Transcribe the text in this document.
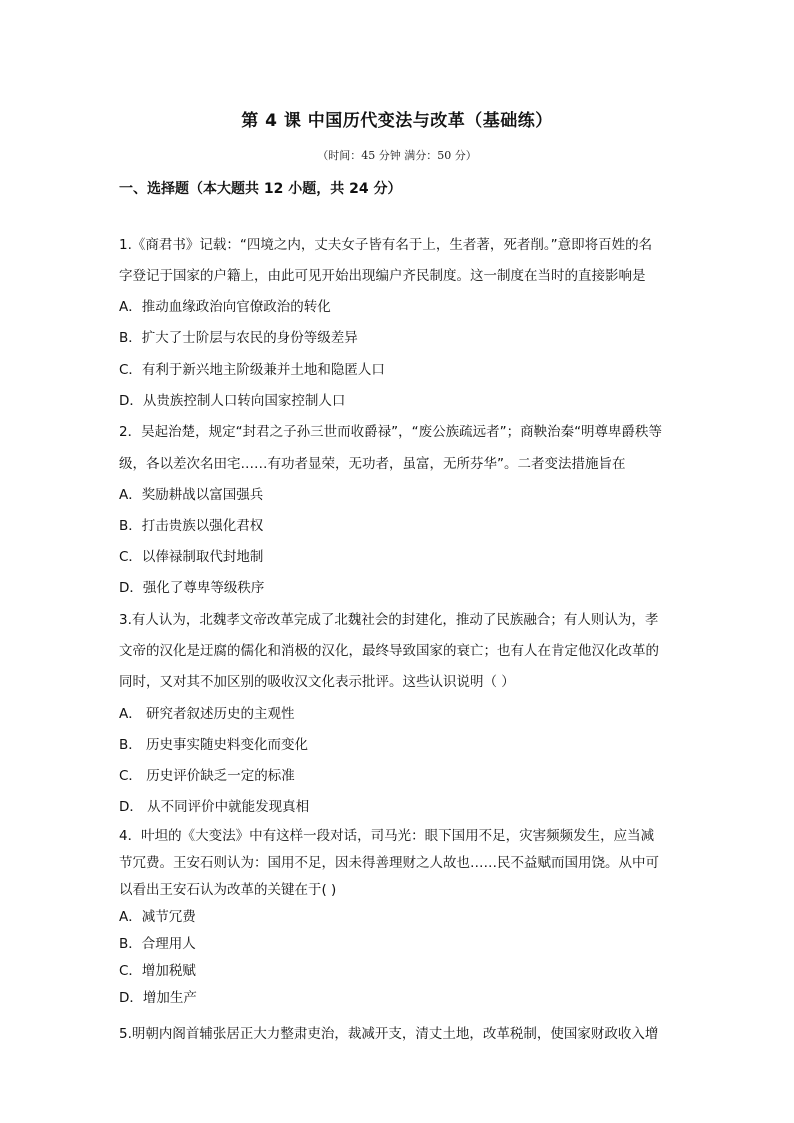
第 4 课 中国历代变法与改革（基础练）
（时间：45 分钟 满分：50 分）
一、选择题（本大题共 12 小题，共 24 分）
1.《商君书》记载：“四境之内，丈夫女子皆有名于上，生者著，死者削。”意即将百姓的名
字登记于国家的户籍上，由此可见开始出现编户齐民制度。这一制度在当时的直接影响是
A．推动血缘政治向官僚政治的转化
B．扩大了士阶层与农民的身份等级差异
C．有利于新兴地主阶级兼并土地和隐匿人口
D．从贵族控制人口转向国家控制人口
2．吴起治楚，规定“封君之子孙三世而收爵禄”，“废公族疏远者”；商鞅治秦“明尊卑爵秩等
级，各以差次名田宅……有功者显荣，无功者，虽富，无所芬华”。二者变法措施旨在
A．奖励耕战以富国强兵
B．打击贵族以强化君权
C．以俸禄制取代封地制
D．强化了尊卑等级秩序
3.有人认为，北魏孝文帝改革完成了北魏社会的封建化，推动了民族融合；有人则认为，孝
文帝的汉化是迂腐的儒化和消极的汉化，最终导致国家的衰亡；也有人在肯定他汉化改革的
同时，又对其不加区别的吸收汉文化表示批评。这些认识说明（ ）
A． 研究者叙述历史的主观性
B． 历史事实随史料变化而变化
C． 历史评价缺乏一定的标准
D． 从不同评价中就能发现真相
4．叶坦的《大变法》中有这样一段对话，司马光：眼下国用不足，灾害频频发生，应当减
节冗费。王安石则认为：国用不足，因未得善理财之人故也……民不益赋而国用饶。从中可
以看出王安石认为改革的关键在于( )
A．减节冗费
B．合理用人
C．增加税赋
D．增加生产
5.明朝内阁首辅张居正大力整肃吏治，裁减开支，清丈土地，改革税制，使国家财政收入增
